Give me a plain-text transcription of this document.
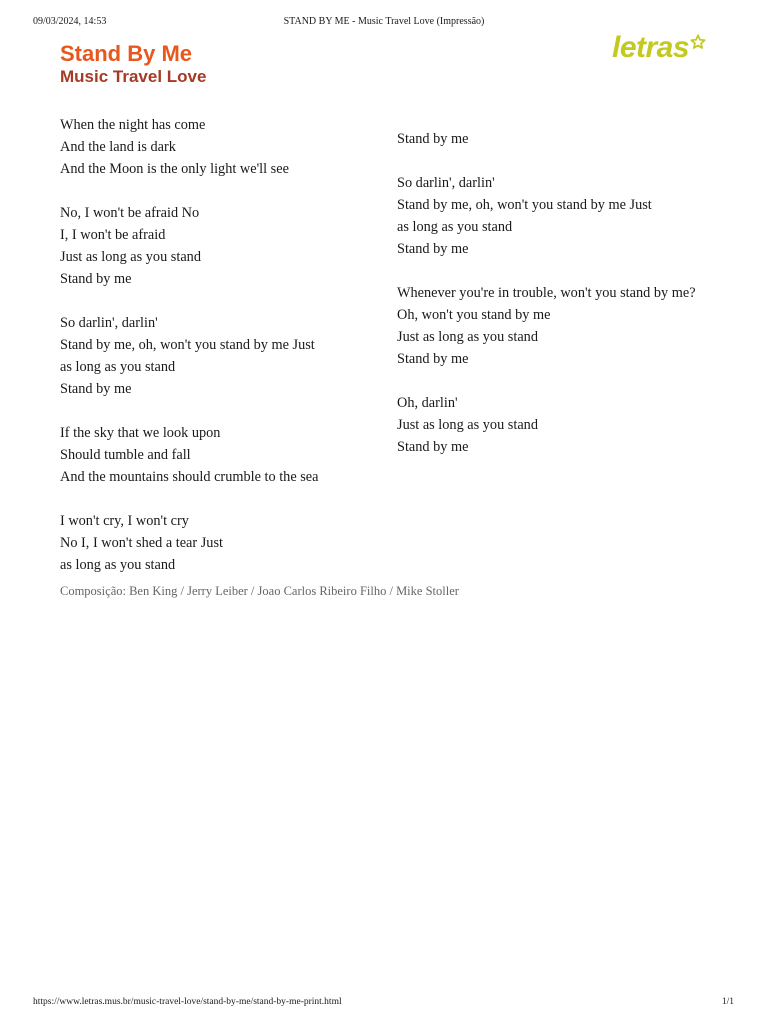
09/03/2024, 14:53	STAND BY ME - Music Travel Love (Impressão)
Stand By Me
Music Travel Love
letras

When the night has come
And the land is dark
And the Moon is the only light we'll see

No, I won't be afraid No
I, I won't be afraid
Just as long as you stand
Stand by me

So darlin', darlin'
Stand by me, oh, won't you stand by me Just
as long as you stand
Stand by me

If the sky that we look upon
Should tumble and fall
And the mountains should crumble to the sea

I won't cry, I won't cry
No I, I won't shed a tear Just
as long as you stand

Stand by me

So darlin', darlin'
Stand by me, oh, won't you stand by me Just
as long as you stand
Stand by me

Whenever you're in trouble, won't you stand by me?
Oh, won't you stand by me
Just as long as you stand
Stand by me

Oh, darlin'
Just as long as you stand
Stand by me

Composição: Ben King / Jerry Leiber / Joao Carlos Ribeiro Filho / Mike Stoller
https://www.letras.mus.br/music-travel-love/stand-by-me/stand-by-me-print.html	1/1
